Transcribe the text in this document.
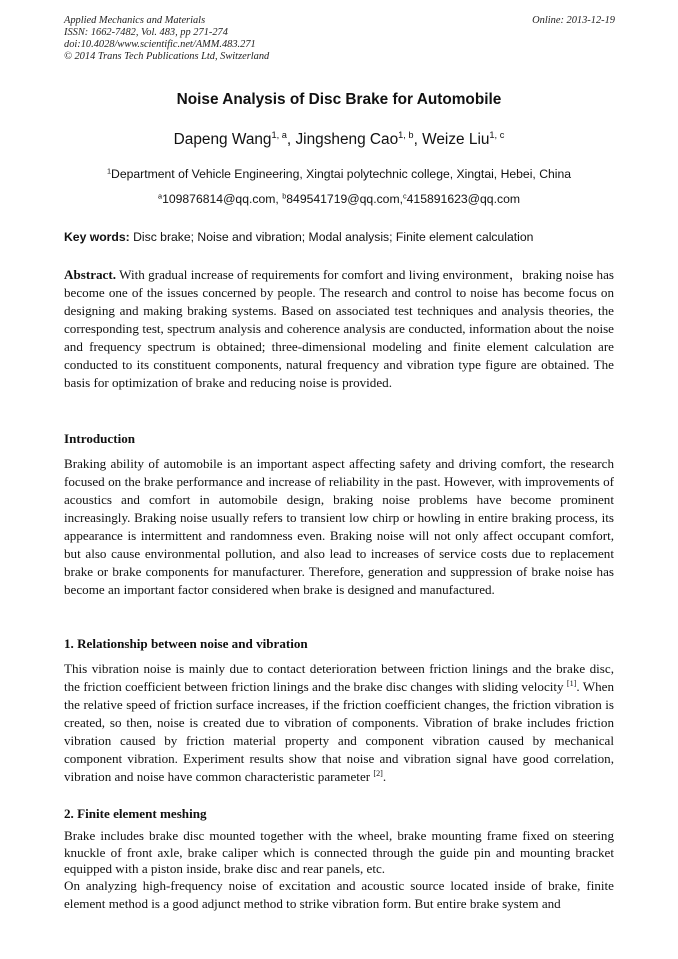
Applied Mechanics and Materials
ISSN: 1662-7482, Vol. 483, pp 271-274
doi:10.4028/www.scientific.net/AMM.483.271
© 2014 Trans Tech Publications Ltd, Switzerland
Online: 2013-12-19
Noise Analysis of Disc Brake for Automobile
Dapeng Wang$^{1, a}$, Jingsheng Cao$^{1, b}$, Weize Liu$^{1, c}$
$^1$Department of Vehicle Engineering, Xingtai polytechnic college, Xingtai, Hebei, China
$^a$109876814@qq.com, $^b$849541719@qq.com,$^c$415891623@qq.com
Key words: Disc brake; Noise and vibration; Modal analysis; Finite element calculation

Abstract. With gradual increase of requirements for comfort and living environment，braking noise has become one of the issues concerned by people. The research and control to noise has become focus on designing and making braking systems. Based on associated test techniques and analysis theories, the corresponding test, spectrum analysis and coherence analysis are conducted, information about the noise and frequency spectrum is obtained; three-dimensional modeling and finite element calculation are conducted to its constituent components, natural frequency and vibration type figure are obtained. The basis for optimization of brake and reducing noise is provided.

Introduction

Braking ability of automobile is an important aspect affecting safety and driving comfort, the research focused on the brake performance and increase of reliability in the past. However, with improvements of acoustics and comfort in automobile design, braking noise problems have become prominent increasingly. Braking noise usually refers to transient low chirp or howling in entire braking process, its appearance is intermittent and randomness even. Braking noise will not only affect occupant comfort, but also cause environmental pollution, and also lead to increases of service costs due to replacement brake or brake components for manufacturer. Therefore, generation and suppression of brake noise has become an important factor considered when brake is designed and manufactured.

1. Relationship between noise and vibration

This vibration noise is mainly due to contact deterioration between friction linings and the brake disc, the friction coefficient between friction linings and the brake disc changes with sliding velocity [1]. When the relative speed of friction surface increases, if the friction coefficient changes, the friction vibration is created, so then, noise is created due to vibration of components. Vibration of brake includes friction vibration caused by friction material property and component vibration caused by mechanical component vibration. Experiment results show that noise and vibration signal have good correlation, vibration and noise have common characteristic parameter [2].

2. Finite element meshing

Brake includes brake disc mounted together with the wheel, brake mounting frame fixed on steering knuckle of front axle, brake caliper which is connected through the guide pin and mounting bracket equipped with a piston inside, brake disc and rear panels, etc.

On analyzing high-frequency noise of excitation and acoustic source located inside of brake, finite element method is a good adjunct method to strike vibration form. But entire brake system and
